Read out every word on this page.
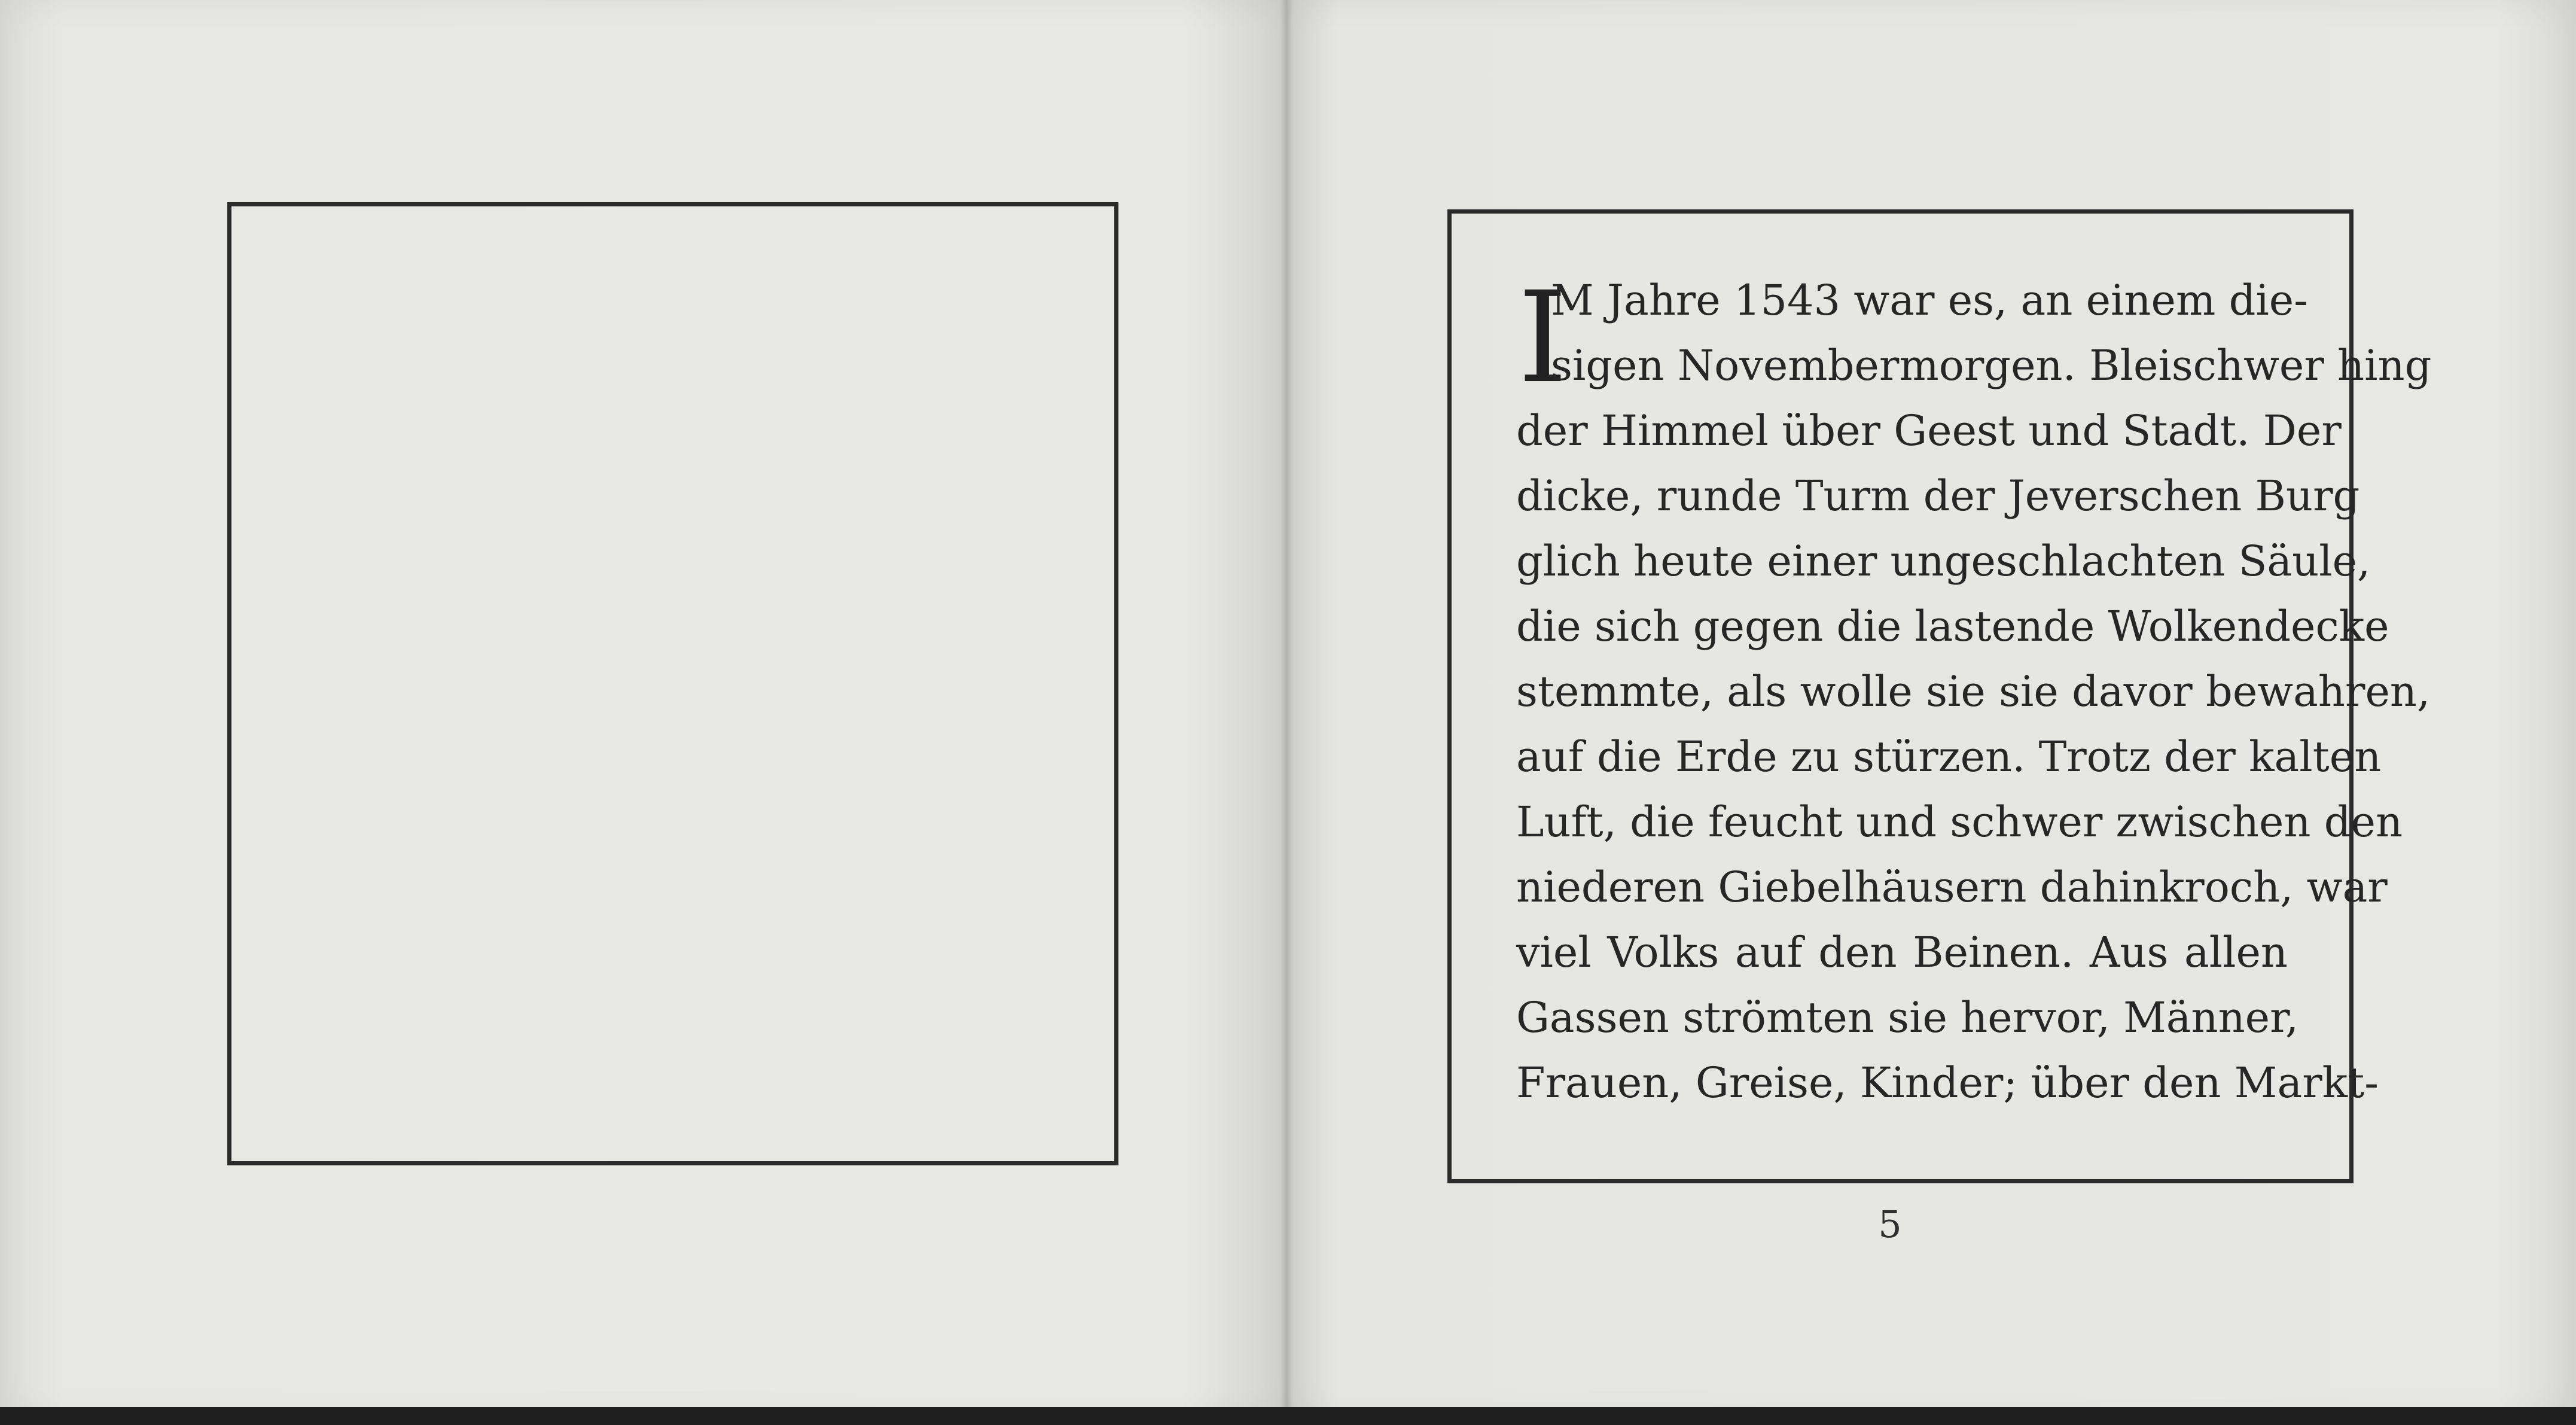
I
M Jahre 1543 war es, an einem die-
sigen Novembermorgen. Bleischwer hing
der Himmel über Geest und Stadt. Der
dicke, runde Turm der Jeverschen Burg
glich heute einer ungeschlachten Säule,
die sich gegen die lastende Wolkendecke
stemmte, als wolle sie sie davor bewahren,
auf die Erde zu stürzen. Trotz der kalten
Luft, die feucht und schwer zwischen den
niederen Giebelhäusern dahinkroch, war
viel Volks auf den Beinen. Aus allen
Gassen strömten sie hervor, Männer,
Frauen, Greise, Kinder; über den Markt-
5
